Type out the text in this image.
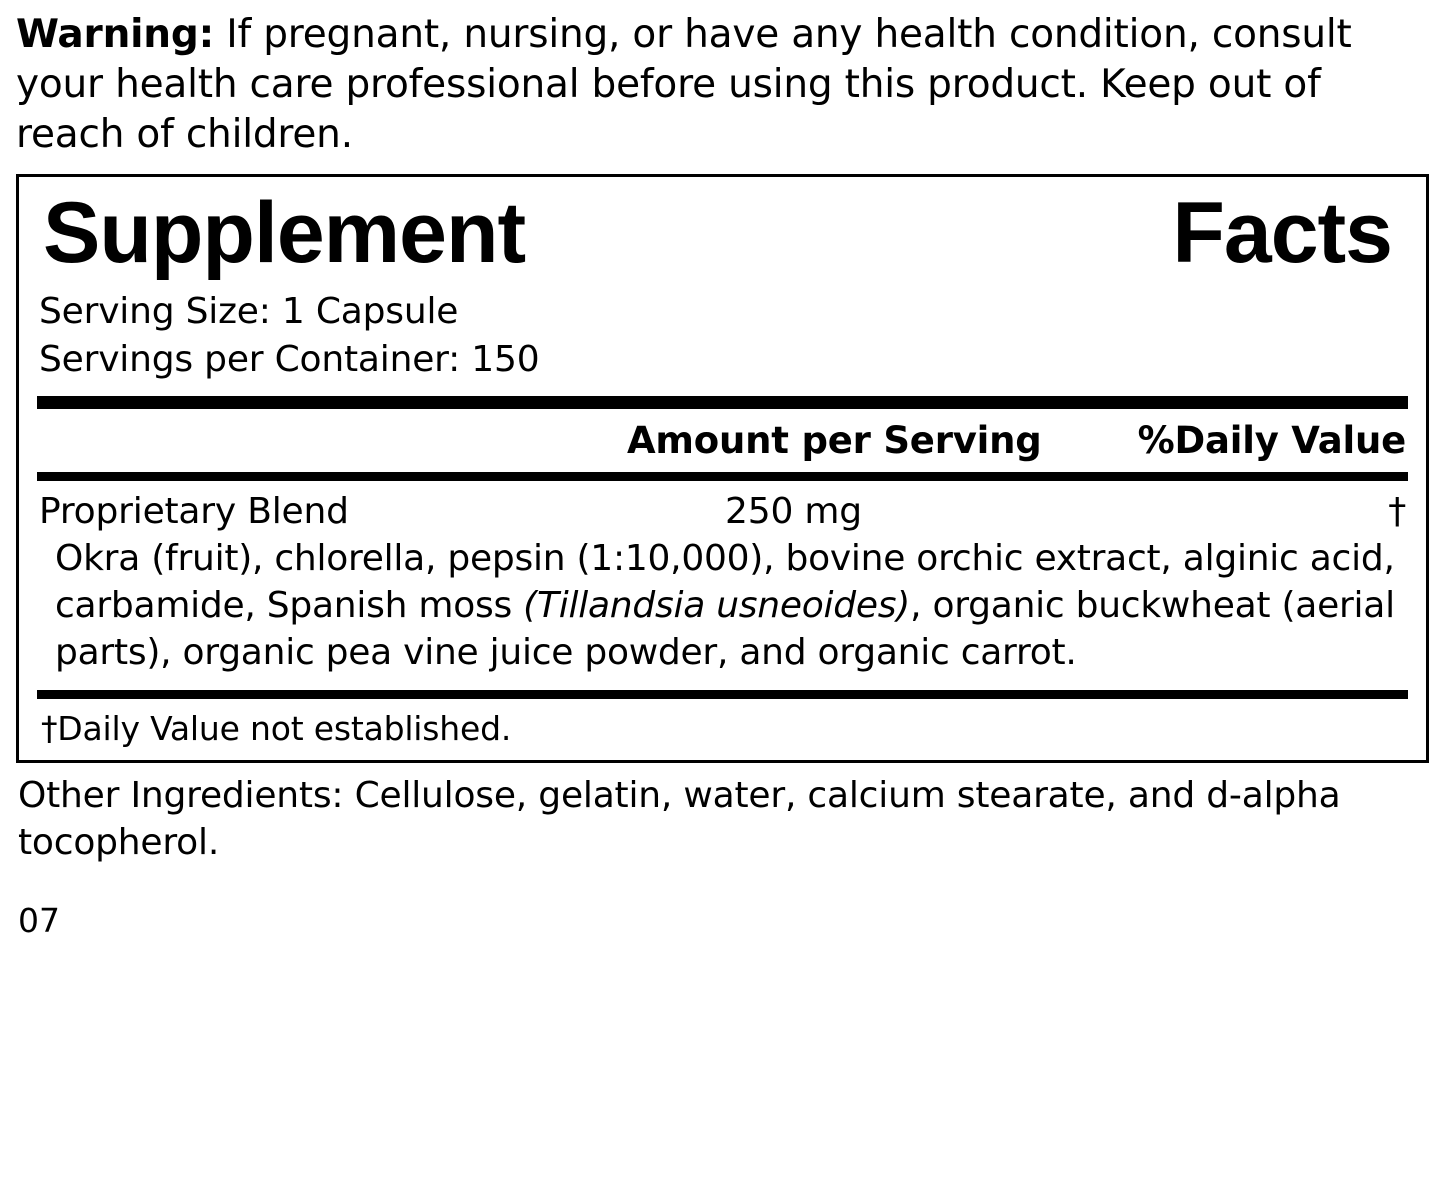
Warning: If pregnant, nursing, or have any health condition, consult your health care professional before using this product. Keep out of reach of children.

Supplement	Facts
Serving Size: 1 Capsule
Servings per Container: 150
Amount per Serving	%Daily Value
Proprietary Blend	250 mg	†
Okra (fruit), chlorella, pepsin (1:10,000), bovine orchic extract, alginic acid, carbamide, Spanish moss (Tillandsia usneoides), organic buckwheat (aerial parts), organic pea vine juice powder, and organic carrot.
†Daily Value not established.
Other Ingredients: Cellulose, gelatin, water, calcium stearate, and d-alpha tocopherol.
07
